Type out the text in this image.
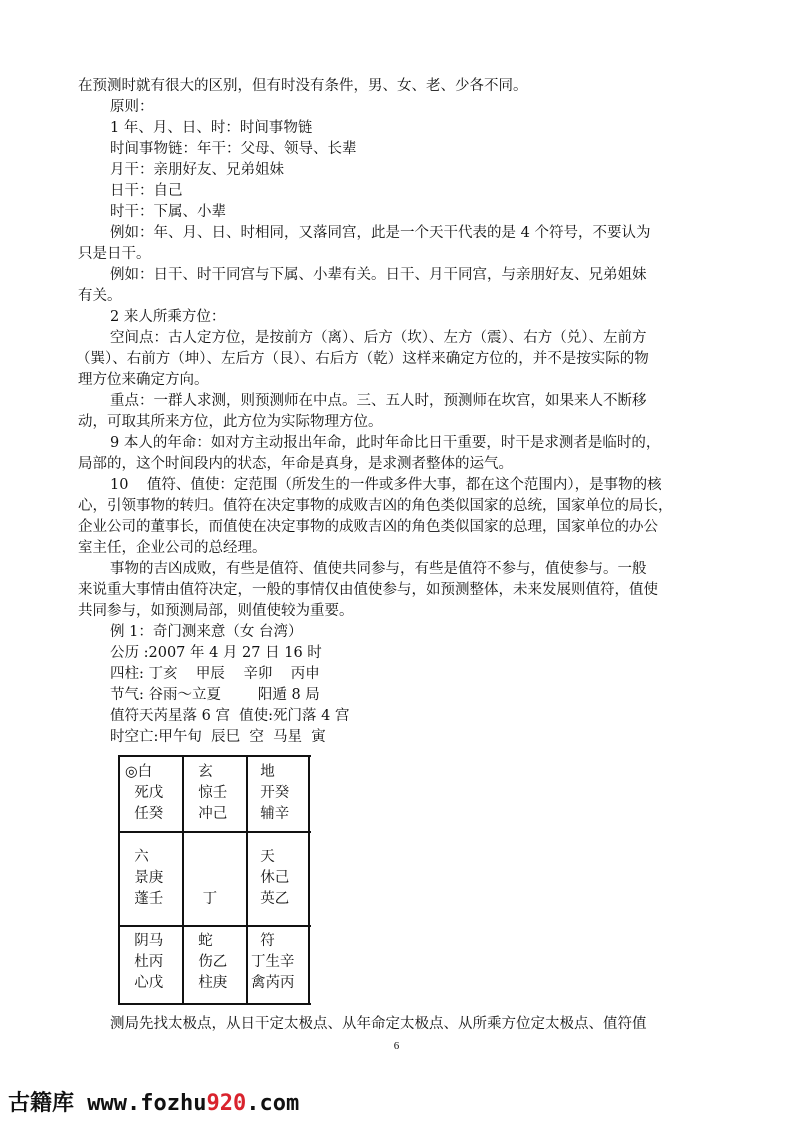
在预测时就有很大的区别，但有时没有条件，男、女、老、少各不同。

原则：

1 年、月、日、时：时间事物链

时间事物链：年干：父母、领导、长辈

月干：亲朋好友、兄弟姐妹

日干：自己

时干：下属、小辈

例如：年、月、日、时相同，又落同宫，此是一个天干代表的是 4 个符号，不要认为

只是日干。

例如：日干、时干同宫与下属、小辈有关。日干、月干同宫，与亲朋好友、兄弟姐妹

有关。

2 来人所乘方位：

空间点：古人定方位，是按前方（离）、后方（坎）、左方（震）、右方（兑）、左前方

（巽）、右前方（坤）、左后方（艮）、右后方（乾）这样来确定方位的，并不是按实际的物

理方位来确定方向。

重点：一群人求测，则预测师在中点。三、五人时，预测师在坎宫，如果来人不断移

动，可取其所来方位，此方位为实际物理方位。

9 本人的年命：如对方主动报出年命，此时年命比日干重要，时干是求测者是临时的，

局部的，这个时间段内的状态，年命是真身，是求测者整体的运气。

10    值符、值使：定范围（所发生的一件或多件大事，都在这个范围内），是事物的核

心，引领事物的转归。值符在决定事物的成败吉凶的角色类似国家的总统，国家单位的局长，

企业公司的董事长，而值使在决定事物的成败吉凶的角色类似国家的总理，国家单位的办公

室主任，企业公司的总经理。

事物的吉凶成败，有些是值符、值使共同参与，有些是值符不参与，值使参与。一般

来说重大事情由值符决定，一般的事情仅由值使参与，如预测整体，未来发展则值符，值使

共同参与，如预测局部，则值使较为重要。

例 1：奇门测来意（女 台湾）

公历 :2007 年 4 月 27 日 16 时

四柱: 丁亥    甲辰    辛卯    丙申

节气: 谷雨～立夏        阳遁 8 局

值符天芮星落 6 宫  值使:死门落 4 宫

时空亡:甲午旬  辰巳  空  马星  寅

◎白
死戊
任癸
玄
惊壬
冲己
地
开癸
辅辛
六
景庚
蓬壬 丁
天
休己
英乙
阴马
杜丙
心戊
蛇
伤乙
柱庚
符
丁生辛
禽芮丙

测局先找太极点，从日干定太极点、从年命定太极点、从所乘方位定太极点、值符值

6
古籍库 www.fozhu920.com
